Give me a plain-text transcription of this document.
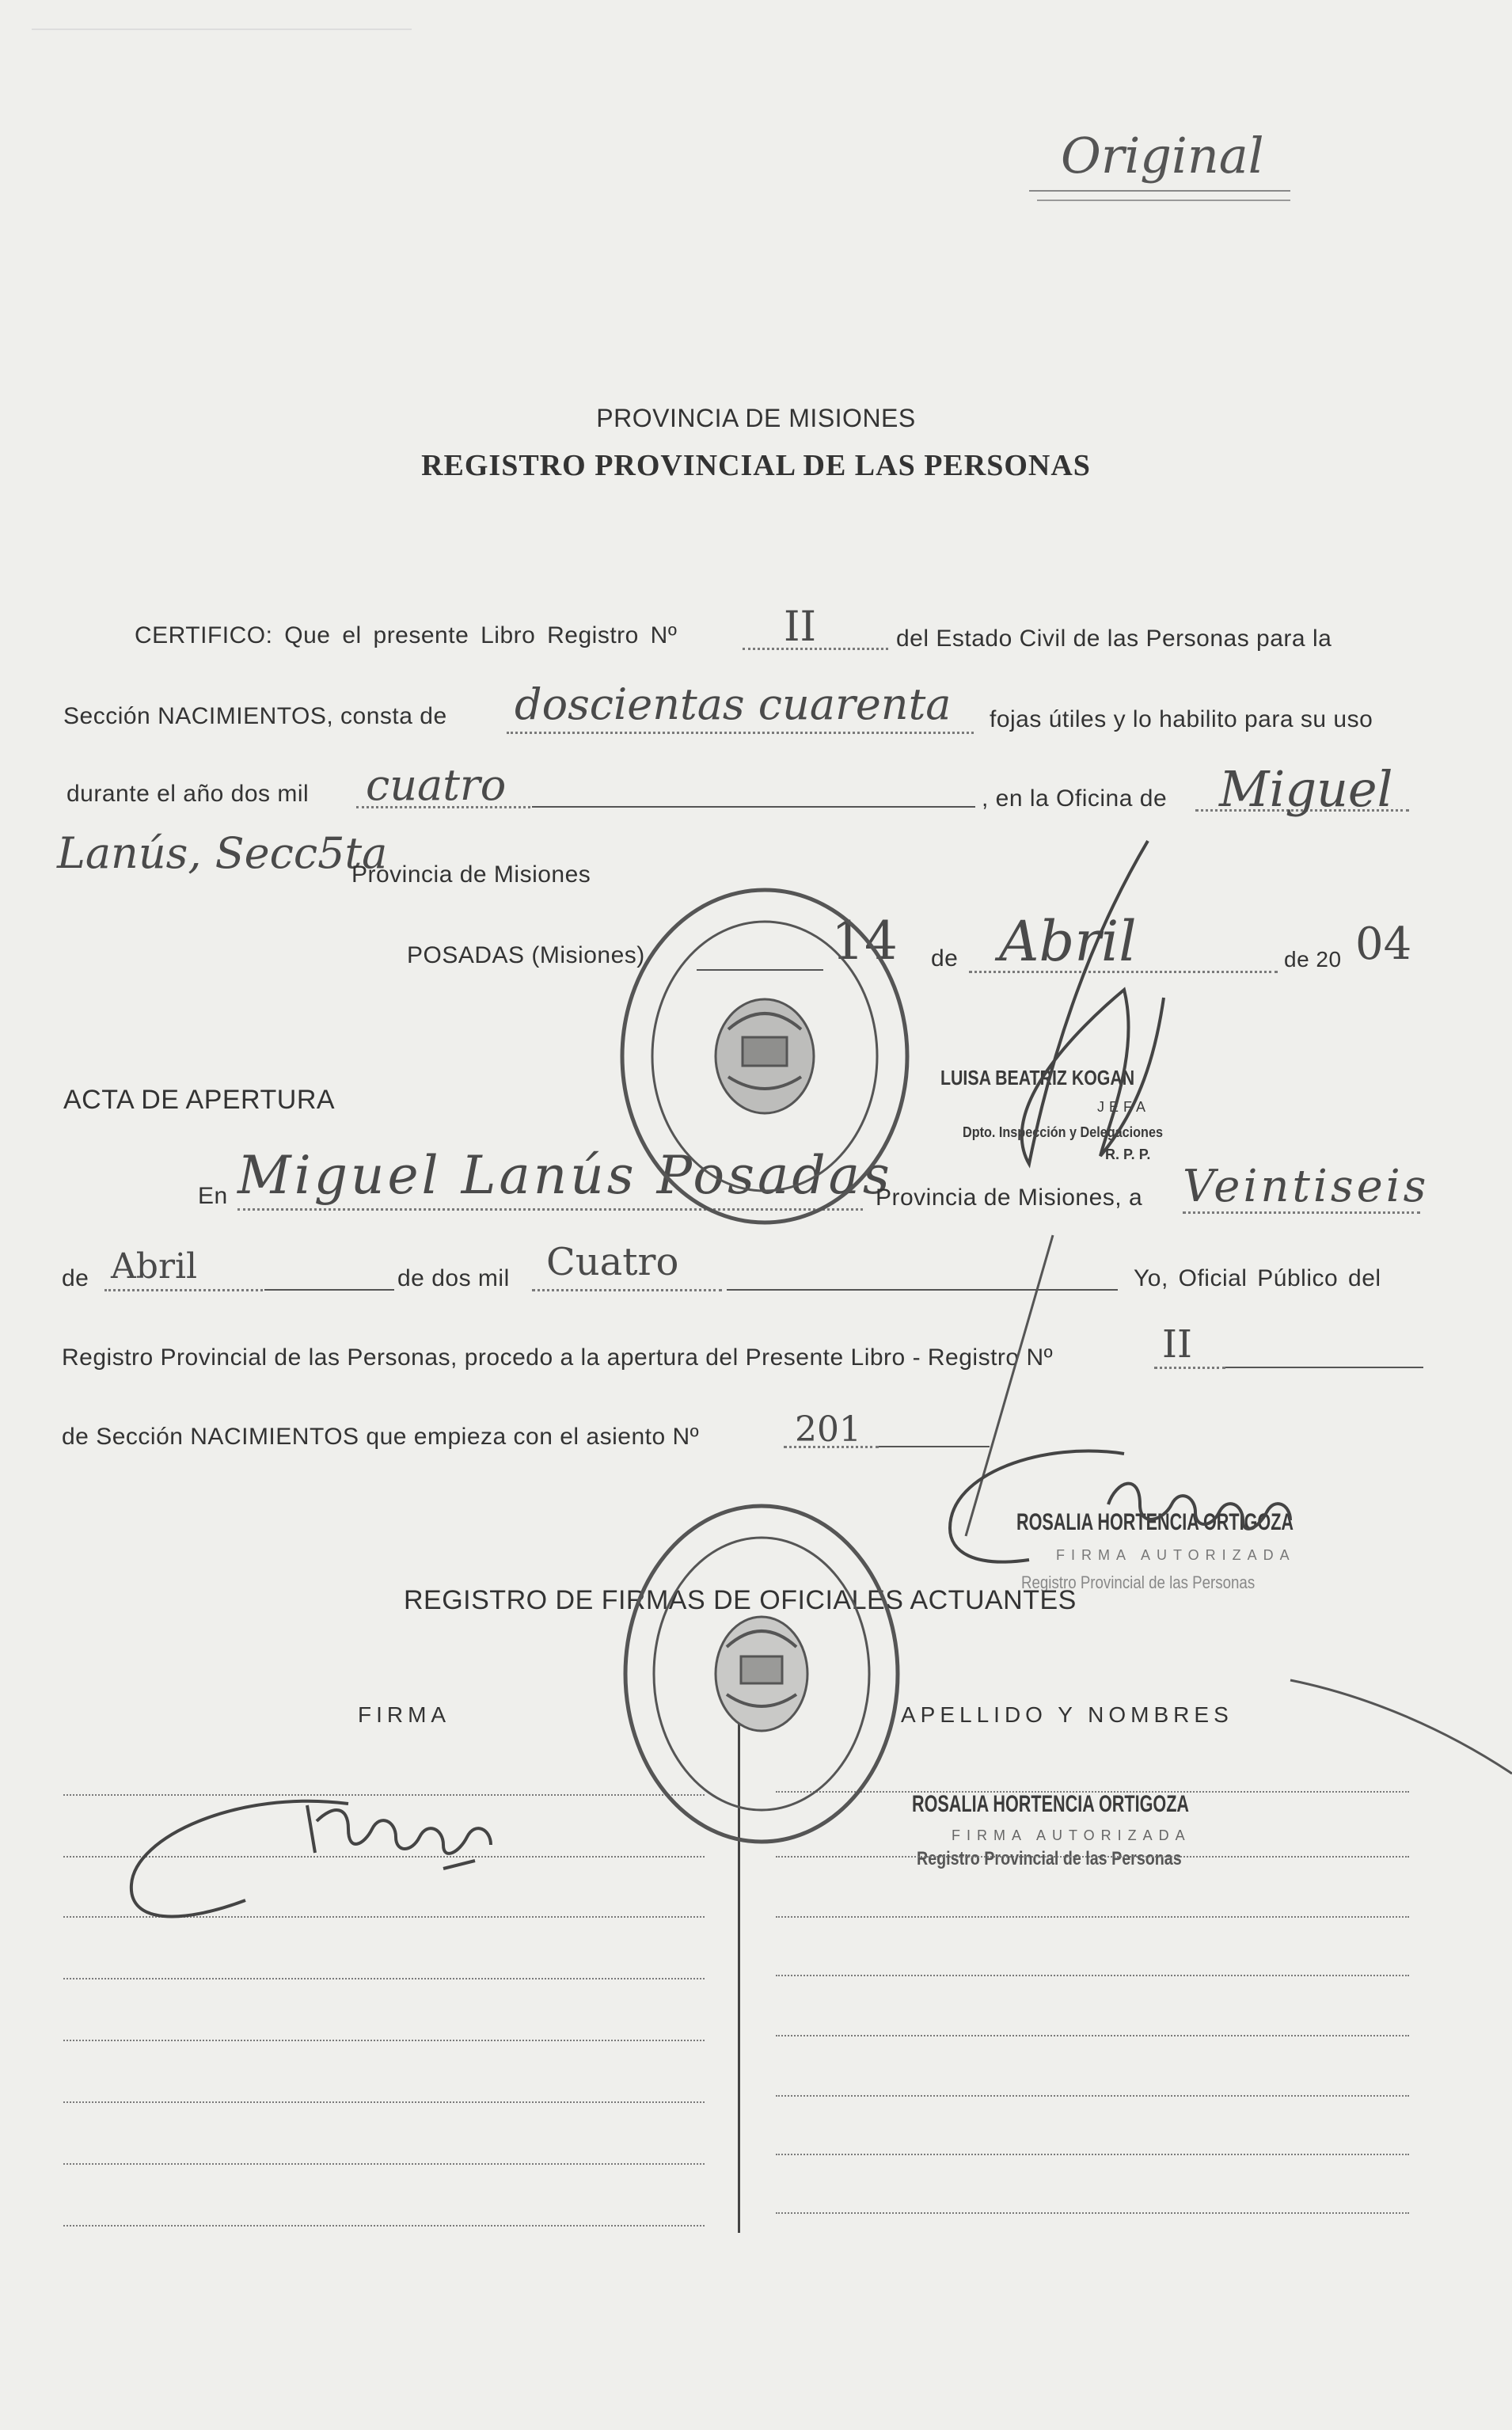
Original
PROVINCIA DE MISIONES
REGISTRO PROVINCIAL DE LAS PERSONAS
CERTIFICO: Que el presente Libro Registro Nº	II	del Estado Civil de las Personas para la
Sección NACIMIENTOS, consta de doscientas cuarenta fojas útiles y lo habilito para su uso
durante el año dos mil cuatro	, en la Oficina de Miguel
Lanús, Secc5ta
Provincia de Misiones
POSADAS (Misiones)	14 de Abril	de 20 04
ACTA DE APERTURA
LUISA BEATRIZ KOGAN
JEFA
Dpto. Inspección y Delegaciones
R. P. P.
En Miguel Lanús Posadas
Provincia de Misiones, a Veintiseis
de Abril	de dos mil Cuatro	Yo, Oficial Público del
Registro Provincial de las Personas, procedo a la apertura del Presente Libro - Registro Nº	II
de Sección NACIMIENTOS que empieza con el asiento Nº	201
ROSALIA HORTENCIA ORTIGOZA
FIRMA AUTORIZADA
Registro Provincial de las Personas
REGISTRO DE FIRMAS DE OFICIALES ACTUANTES
FIRMA	APELLIDO Y NOMBRES
ROSALIA HORTENCIA ORTIGOZA
FIRMA AUTORIZADA
Registro Provincial de las Personas
